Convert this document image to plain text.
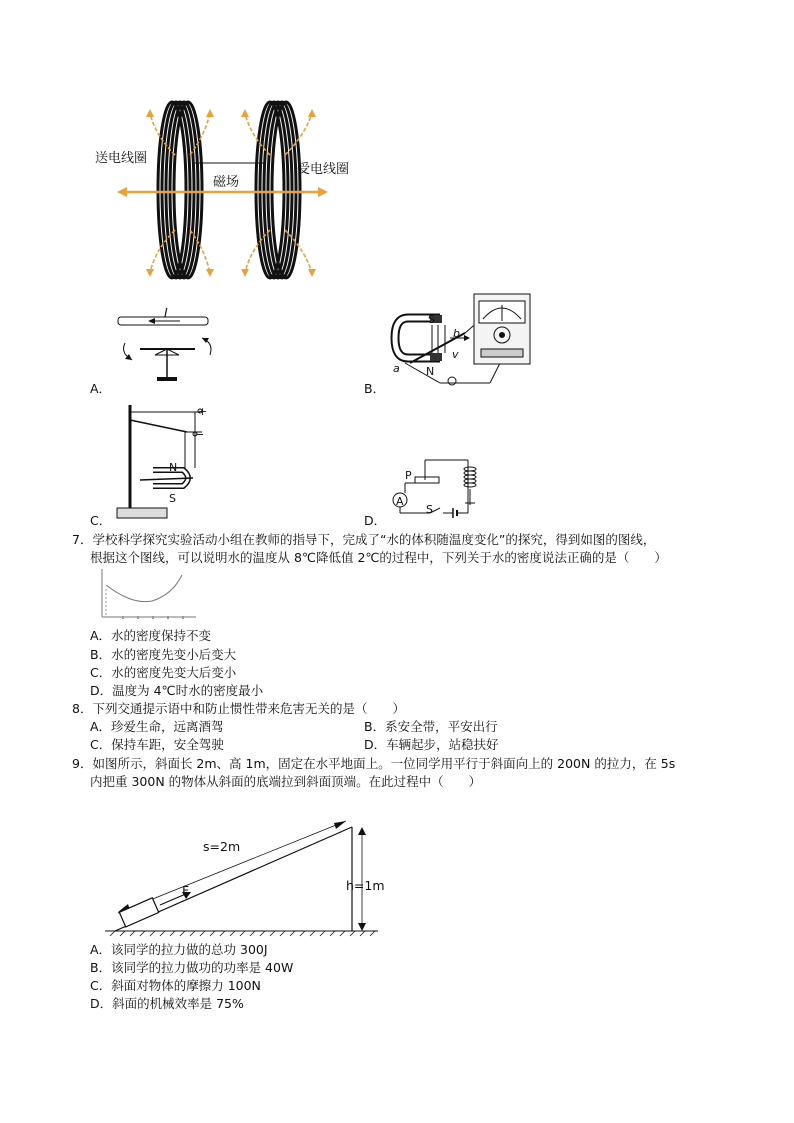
送电线圈
受电线圈
磁场
I
A．
S
N
a
b
v
B．
+
−
N
S
C．
P
A
S
D．
7．学校科学探究实验活动小组在教师的指导下，完成了“水的体积随温度变化”的探究，得到如图的图线，
根据这个图线，可以说明水的温度从 8℃降低值 2℃的过程中，下列关于水的密度说法正确的是（　　）
A．水的密度保持不变
B．水的密度先变小后变大
C．水的密度先变大后变小
D．温度为 4℃时水的密度最小
8．下列交通提示语中和防止惯性带来危害无关的是（　　）
A．珍爱生命，远离酒驾	B．系安全带，平安出行
C．保持车距，安全驾驶	D．车辆起步，站稳扶好
9．如图所示，斜面长 2m、高 1m，固定在水平地面上。一位同学用平行于斜面向上的 200N 的拉力，在 5s
内把重 300N 的物体从斜面的底端拉到斜面顶端。在此过程中（　　）
s=2m
h=1m
F
A．该同学的拉力做的总功 300J
B．该同学的拉力做功的功率是 40W
C．斜面对物体的摩擦力 100N
D．斜面的机械效率是 75%
